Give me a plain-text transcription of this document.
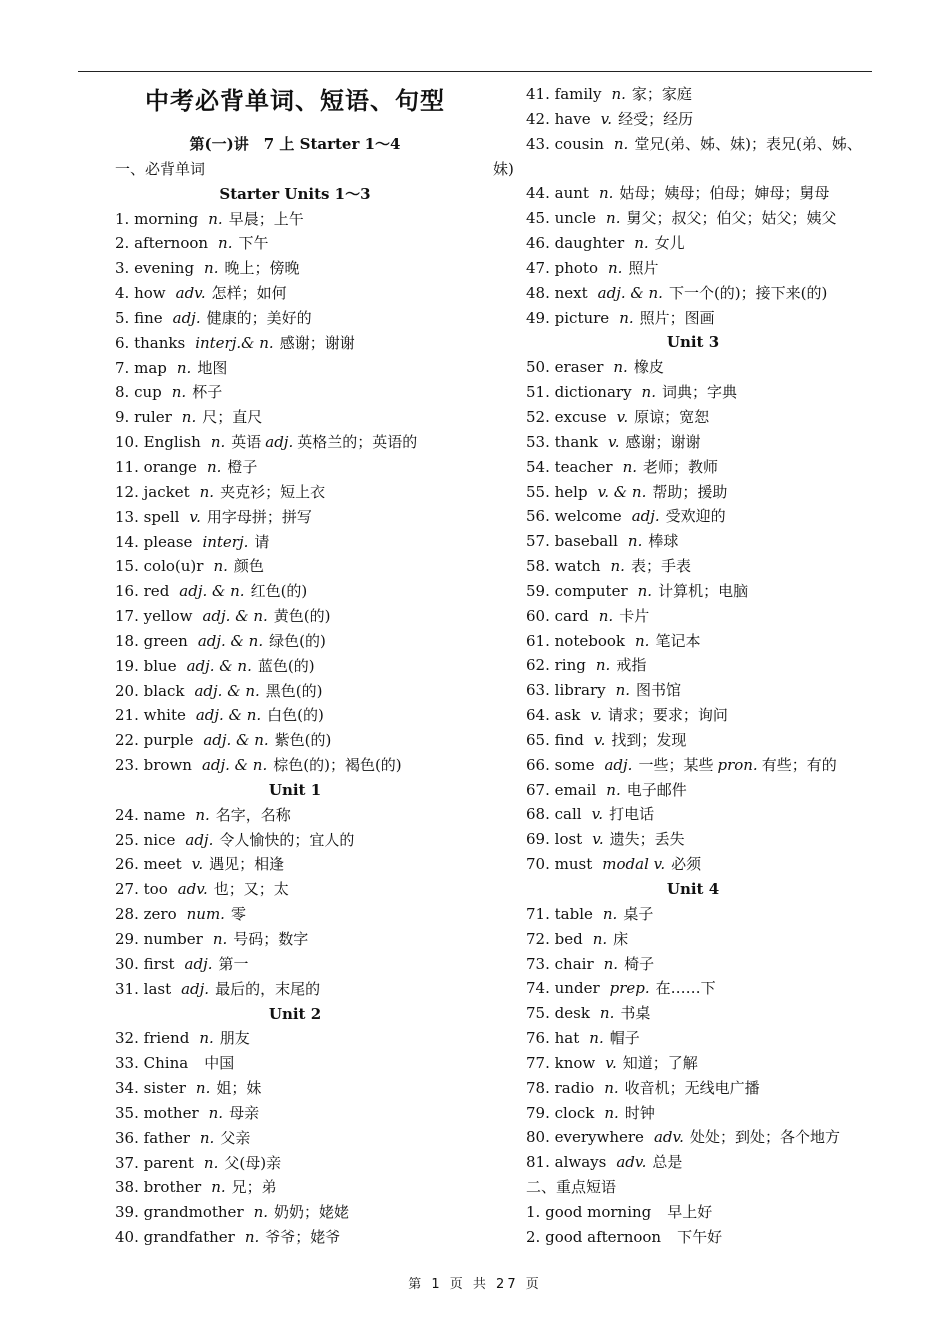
中考必背单词、短语、句型
第(一)讲　7 上 Starter 1～4
一、必背单词
Starter Units 1～3
1. morning n. 早晨；上午
2. afternoon n. 下午
3. evening n. 晚上；傍晚
4. how adv. 怎样；如何
5. fine adj. 健康的；美好的
6. thanks interj.& n. 感谢；谢谢
7. map n. 地图
8. cup n. 杯子
9. ruler n. 尺；直尺
10. English n. 英语 adj. 英格兰的；英语的
11. orange n. 橙子
12. jacket n. 夹克衫；短上衣
13. spell v. 用字母拼；拼写
14. please interj. 请
15. colo(u)r n. 颜色
16. red adj. & n. 红色(的)
17. yellow adj. & n. 黄色(的)
18. green adj. & n. 绿色(的)
19. blue adj. & n. 蓝色(的)
20. black adj. & n. 黑色(的)
21. white adj. & n. 白色(的)
22. purple adj. & n. 紫色(的)
23. brown adj. & n. 棕色(的)；褐色(的)
Unit 1
24. name n. 名字，名称
25. nice adj. 令人愉快的；宜人的
26. meet v. 遇见；相逢
27. too adv. 也；又；太
28. zero num. 零
29. number n. 号码；数字
30. first adj. 第一
31. last adj. 最后的，末尾的
Unit 2
32. friend n. 朋友
33. China 中国
34. sister n. 姐；妹
35. mother n. 母亲
36. father n. 父亲
37. parent n. 父(母)亲
38. brother n. 兄；弟
39. grandmother n. 奶奶；姥姥
40. grandfather n. 爷爷；姥爷
41. family n. 家；家庭
42. have v. 经受；经历
43. cousin n. 堂兄(弟、姊、妹)；表兄(弟、姊、
妹)
44. aunt n. 姑母；姨母；伯母；婶母；舅母
45. uncle n. 舅父；叔父；伯父；姑父；姨父
46. daughter n. 女儿
47. photo n. 照片
48. next adj. & n. 下一个(的)；接下来(的)
49. picture n. 照片；图画
Unit 3
50. eraser n. 橡皮
51. dictionary n. 词典；字典
52. excuse v. 原谅；宽恕
53. thank v. 感谢；谢谢
54. teacher n. 老师；教师
55. help v. & n. 帮助；援助
56. welcome adj. 受欢迎的
57. baseball n. 棒球
58. watch n. 表；手表
59. computer n. 计算机；电脑
60. card n. 卡片
61. notebook n. 笔记本
62. ring n. 戒指
63. library n. 图书馆
64. ask v. 请求；要求；询问
65. find v. 找到；发现
66. some adj. 一些；某些 pron. 有些；有的
67. email n. 电子邮件
68. call v. 打电话
69. lost v. 遗失；丢失
70. must modal v. 必须
Unit 4
71. table n. 桌子
72. bed n. 床
73. chair n. 椅子
74. under prep. 在……下
75. desk n. 书桌
76. hat n. 帽子
77. know v. 知道；了解
78. radio n. 收音机；无线电广播
79. clock n. 时钟
80. everywhere adv. 处处；到处；各个地方
81. always adv. 总是
二、重点短语
1. good morning 早上好
2. good afternoon 下午好
第 1 页 共 27 页
